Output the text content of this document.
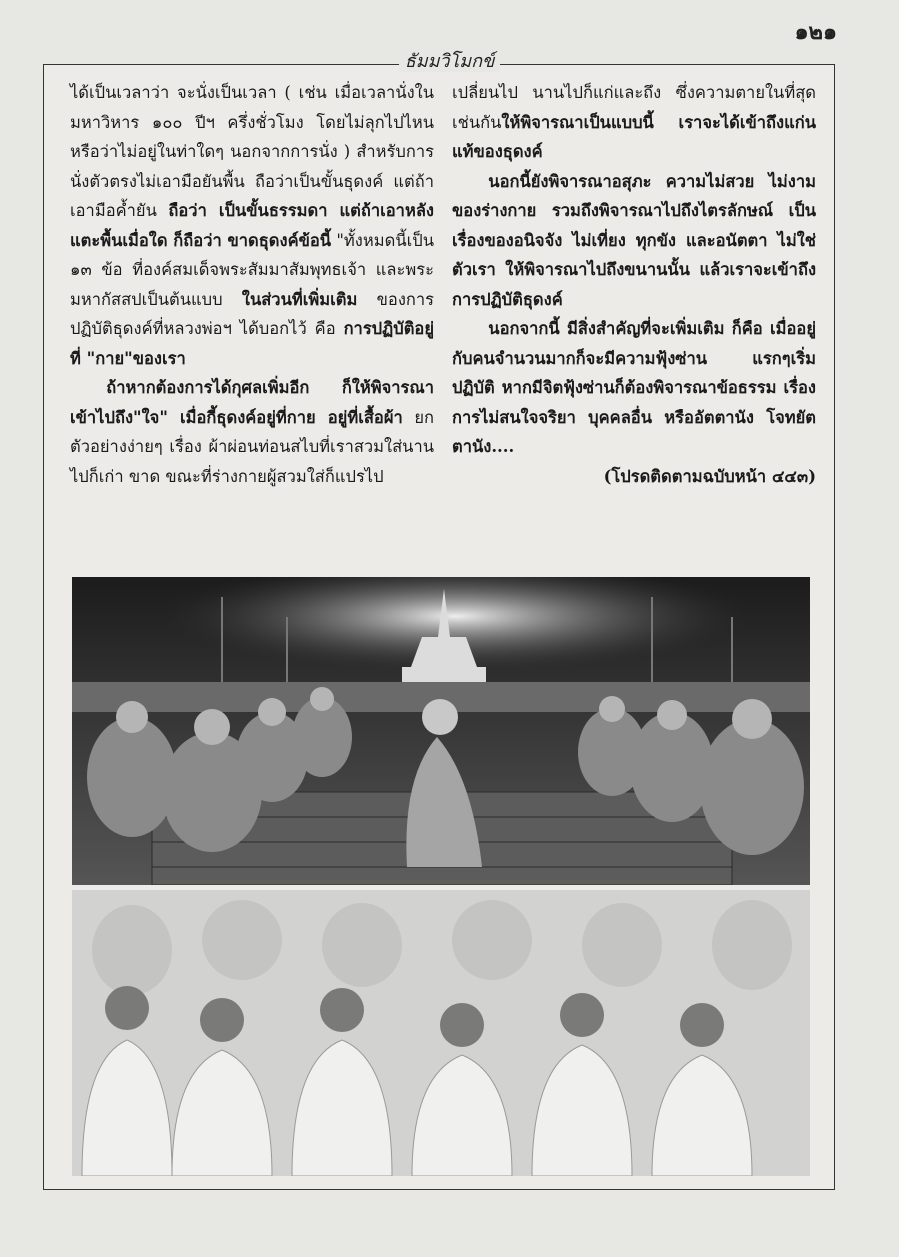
๑๒๑
ธัมมวิโมกข์

ได้เป็นเวลาว่า จะนั่งเป็นเวลา ( เช่น เมื่อเวลานั่งในมหาวิหาร ๑๐๐ ปีฯ ครึ่งชั่วโมง โดยไม่ลุกไปไหน หรือว่าไม่อยู่ในท่าใดๆ นอกจากการนั่ง ) สำหรับการนั่งตัวตรงไม่เอามือยันพื้น ถือว่าเป็นขั้นธุดงค์ แต่ถ้าเอามือค้ำยัน ถือว่า เป็นขั้นธรรมดา แต่ถ้าเอาหลังแตะพื้นเมื่อใด ก็ถือว่า ขาดธุดงค์ข้อนี้ "ทั้งหมดนี้เป็น ๑๓ ข้อ ที่องค์สมเด็จพระสัมมาสัมพุทธเจ้า และพระมหากัสสปเป็นต้นแบบ ในส่วนที่เพิ่มเติม ของการปฏิบัติธุดงค์ที่หลวงพ่อฯ ได้บอกไว้ คือ การปฏิบัติอยู่ที่ "กาย"ของเรา

ถ้าหากต้องการได้กุศลเพิ่มอีก ก็ให้พิจารณาเข้าไปถึง"ใจ" เมื่อกี้ธุดงค์อยู่ที่กาย อยู่ที่เสื้อผ้า ยกตัวอย่างง่ายๆ เรื่อง ผ้าผ่อนท่อนสไบที่เราสวมใส่นานไปก็เก่า ขาด ขณะที่ร่างกายผู้สวมใส่ก็แปรไป

เปลี่ยนไป นานไปก็แก่และถึง ซึ่งความตายในที่สุดเช่นกันให้พิจารณาเป็นแบบนี้ เราจะได้เข้าถึงแก่นแท้ของธุดงค์

นอกนี้ยังพิจารณาอสุภะ ความไม่สวย ไม่งามของร่างกาย รวมถึงพิจารณาไปถึงไตรลักษณ์ เป็นเรื่องของอนิจจัง ไม่เที่ยง ทุกขัง และอนัตตา ไม่ใช่ตัวเรา ให้พิจารณาไปถึงขนานนั้น แล้วเราจะเข้าถึงการปฏิบัติธุดงค์

นอกจากนี้ มีสิ่งสำคัญที่จะเพิ่มเติม ก็คือ เมื่ออยู่กับคนจำนวนมากก็จะมีความฟุ้งซ่าน แรกๆเริ่มปฏิบัติ หากมีจิตฟุ้งซ่านก็ต้องพิจารณาข้อธรรม เรื่องการไม่สนใจจริยา บุคคลอื่น หรืออัตตานัง โจทยัตตานัง....

(โปรดติดตามฉบับหน้า ๔๔๓)
